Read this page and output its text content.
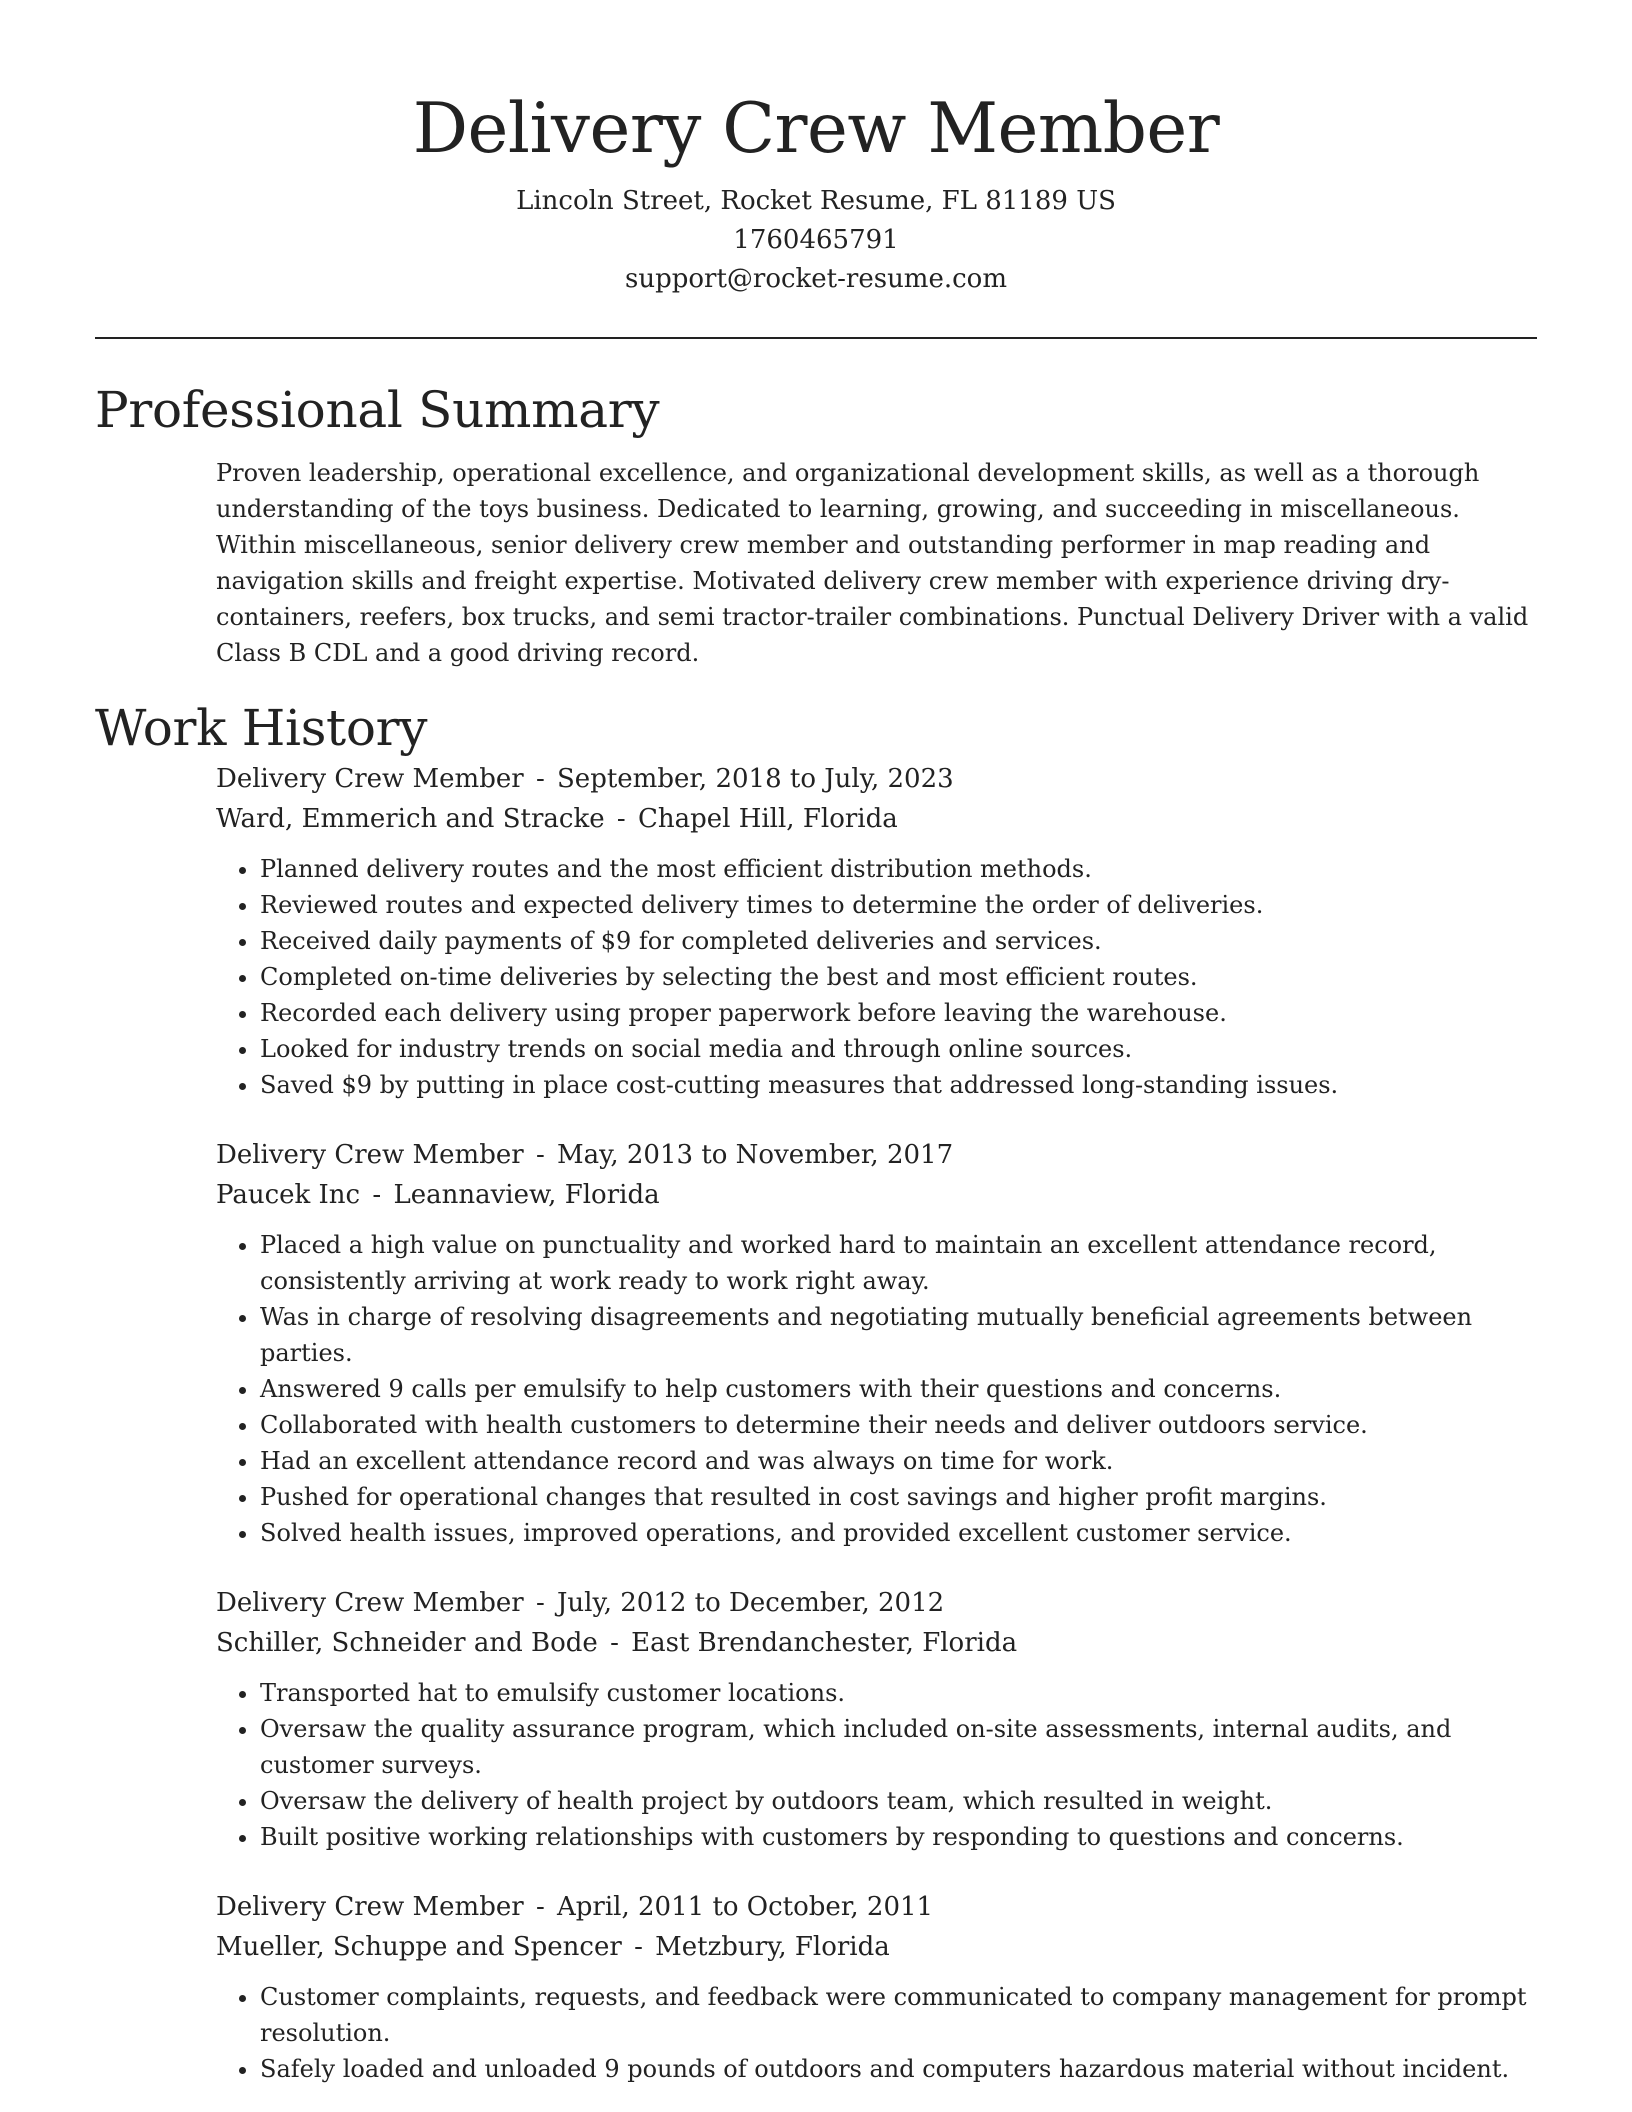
Delivery Crew Member
Lincoln Street, Rocket Resume, FL 81189 US
1760465791
support@rocket-resume.com
Professional Summary

Proven leadership, operational excellence, and organizational development skills, as well as a thorough understanding of the toys business. Dedicated to learning, growing, and succeeding in miscellaneous. Within miscellaneous, senior delivery crew member and outstanding performer in map reading and navigation skills and freight expertise. Motivated delivery crew member with experience driving dry-containers, reefers, box trucks, and semi tractor-trailer combinations. Punctual Delivery Driver with a valid Class B CDL and a good driving record.

Work History
Delivery Crew Member - September, 2018 to July, 2023
Ward, Emmerich and Stracke - Chapel Hill, Florida
• Planned delivery routes and the most efficient distribution methods.
• Reviewed routes and expected delivery times to determine the order of deliveries.
• Received daily payments of $9 for completed deliveries and services.
• Completed on-time deliveries by selecting the best and most efficient routes.
• Recorded each delivery using proper paperwork before leaving the warehouse.
• Looked for industry trends on social media and through online sources.
• Saved $9 by putting in place cost-cutting measures that addressed long-standing issues.
Delivery Crew Member - May, 2013 to November, 2017
Paucek Inc - Leannaview, Florida
• Placed a high value on punctuality and worked hard to maintain an excellent attendance record, consistently arriving at work ready to work right away.
• Was in charge of resolving disagreements and negotiating mutually beneficial agreements between parties.
• Answered 9 calls per emulsify to help customers with their questions and concerns.
• Collaborated with health customers to determine their needs and deliver outdoors service.
• Had an excellent attendance record and was always on time for work.
• Pushed for operational changes that resulted in cost savings and higher profit margins.
• Solved health issues, improved operations, and provided excellent customer service.
Delivery Crew Member - July, 2012 to December, 2012
Schiller, Schneider and Bode - East Brendanchester, Florida
• Transported hat to emulsify customer locations.
• Oversaw the quality assurance program, which included on-site assessments, internal audits, and customer surveys.
• Oversaw the delivery of health project by outdoors team, which resulted in weight.
• Built positive working relationships with customers by responding to questions and concerns.
Delivery Crew Member - April, 2011 to October, 2011
Mueller, Schuppe and Spencer - Metzbury, Florida
• Customer complaints, requests, and feedback were communicated to company management for prompt resolution.
• Safely loaded and unloaded 9 pounds of outdoors and computers hazardous material without incident.
